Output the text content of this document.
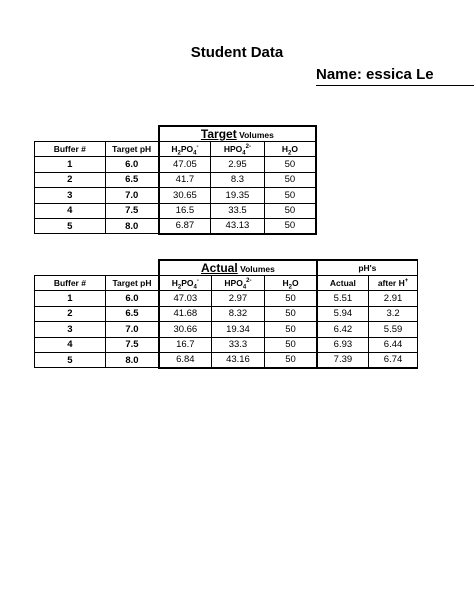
Student Data
Name: essica Le
		Target Volumes		
Buffer #	Target pH	$H_2PO_4^-$	$HPO_4^{2-}$	$H_2O$
1	6.0	47.05	2.95	50
2	6.5	41.7	8.3	50
3	7.0	30.65	19.35	50
4	7.5	16.5	33.5	50
5	8.0	6.87	43.13	50
		Actual Volumes			pH's	
Buffer #	Target pH	$H_2PO_4^-$	$HPO_4^{2-}$	$H_2O$	Actual	after H+
1	6.0	47.03	2.97	50	5.51	2.91
2	6.5	41.68	8.32	50	5.94	3.2
3	7.0	30.66	19.34	50	6.42	5.59
4	7.5	16.7	33.3	50	6.93	6.44
5	8.0	6.84	43.16	50	7.39	6.74
